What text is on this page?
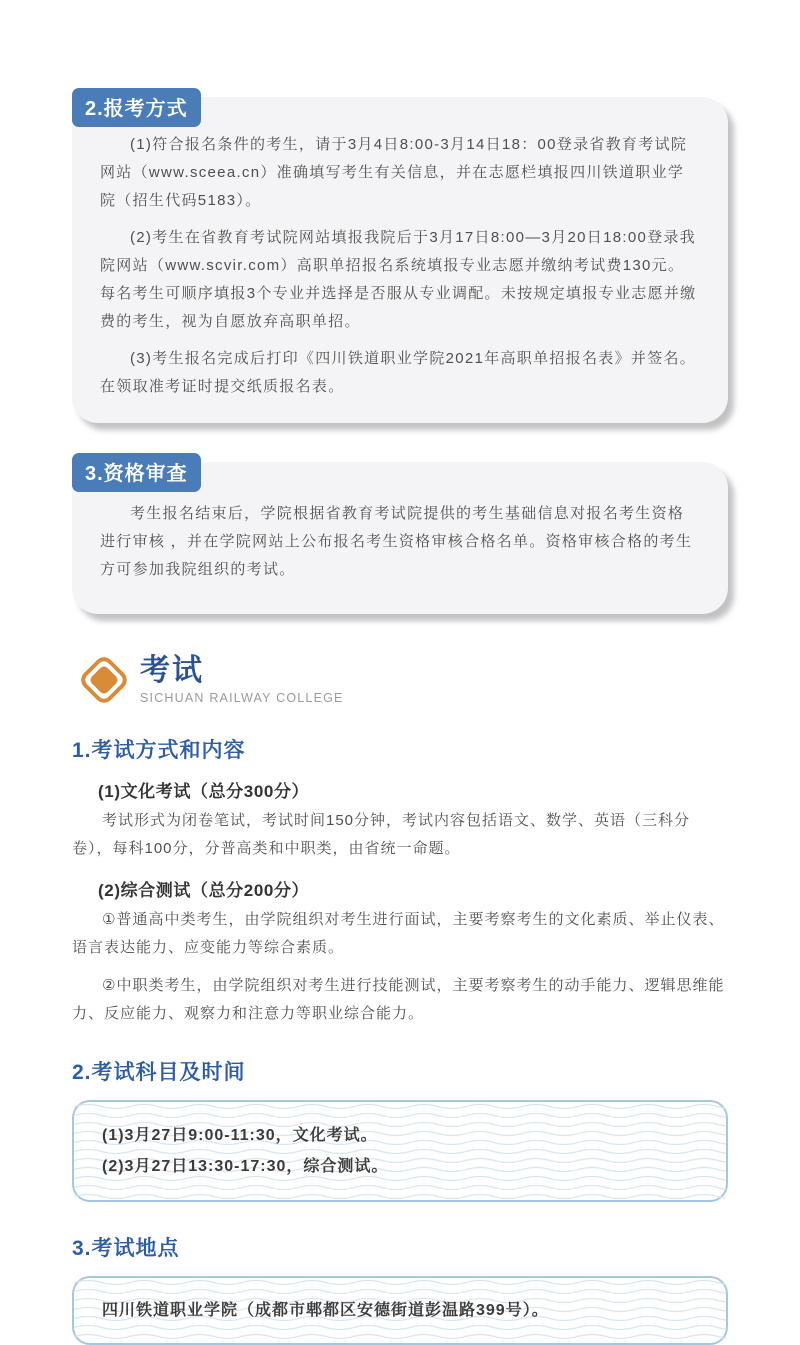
2.报考方式

(1)符合报名条件的考生，请于3月4日8:00-3月14日18：00登录省教育考试院网站（www.sceea.cn）准确填写考生有关信息，并在志愿栏填报四川铁道职业学院（招生代码5183）。

(2)考生在省教育考试院网站填报我院后于3月17日8:00—3月20日18:00登录我院网站（www.scvir.com）高职单招报名系统填报专业志愿并缴纳考试费130元。每名考生可顺序填报3个专业并选择是否服从专业调配。未按规定填报专业志愿并缴费的考生，视为自愿放弃高职单招。

(3)考生报名完成后打印《四川铁道职业学院2021年高职单招报名表》并签名。在领取准考证时提交纸质报名表。

3.资格审查

考生报名结束后，学院根据省教育考试院提供的考生基础信息对报名考生资格进行审核 ，并在学院网站上公布报名考生资格审核合格名单。资格审核合格的考生方可参加我院组织的考试。

考试
SICHUAN RAILWAY COLLEGE
1.考试方式和内容
(1)文化考试（总分300分）

考试形式为闭卷笔试，考试时间150分钟，考试内容包括语文、数学、英语（三科分卷），每科100分，分普高类和中职类，由省统一命题。

(2)综合测试（总分200分）

①普通高中类考生，由学院组织对考生进行面试，主要考察考生的文化素质、举止仪表、语言表达能力、应变能力等综合素质。

②中职类考生，由学院组织对考生进行技能测试，主要考察考生的动手能力、逻辑思维能力、反应能力、观察力和注意力等职业综合能力。

2.考试科目及时间
(1)3月27日9:00-11:30，文化考试。
(2)3月27日13:30-17:30，综合测试。
3.考试地点
四川铁道职业学院（成都市郫都区安德街道彭温路399号）。
